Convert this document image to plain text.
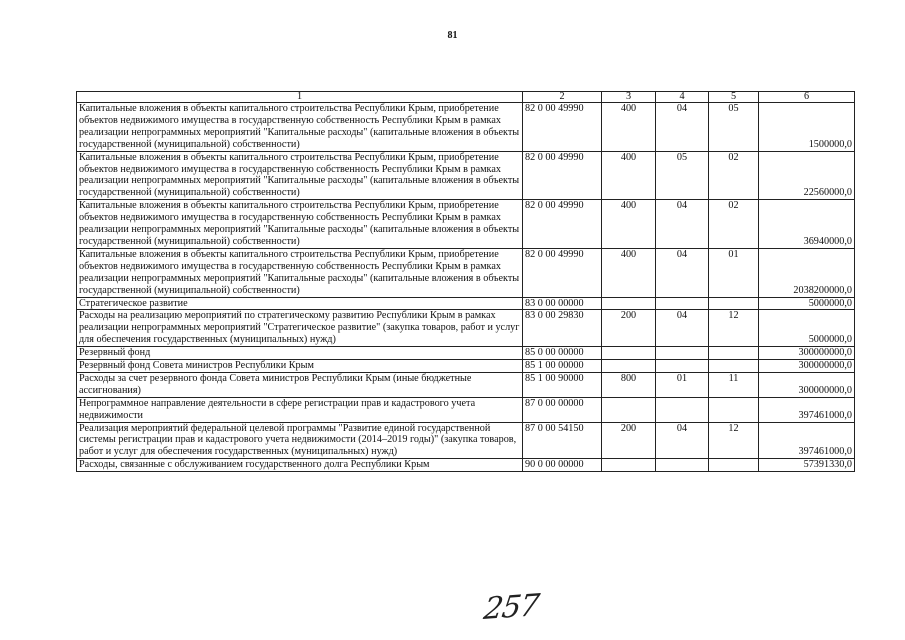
81
1	2	3	4	5	6
Капитальные вложения в объекты капитального строительства Республики Крым, приобретение объектов недвижимого имущества в государственную собственность Республики Крым в рамках реализации непрограммных мероприятий "Капитальные расходы" (капитальные вложения в объекты государственной (муниципальной) собственности)	82 0 00 49990	400	04	05	1500000,0
Капитальные вложения в объекты капитального строительства Республики Крым, приобретение объектов недвижимого имущества в государственную собственность Республики Крым в рамках реализации непрограммных мероприятий "Капитальные расходы" (капитальные вложения в объекты государственной (муниципальной) собственности)	82 0 00 49990	400	05	02	22560000,0
Капитальные вложения в объекты капитального строительства Республики Крым, приобретение объектов недвижимого имущества в государственную собственность Республики Крым в рамках реализации непрограммных мероприятий "Капитальные расходы" (капитальные вложения в объекты государственной (муниципальной) собственности)	82 0 00 49990	400	04	02	36940000,0
Капитальные вложения в объекты капитального строительства Республики Крым, приобретение объектов недвижимого имущества в государственную собственность Республики Крым в рамках реализации непрограммных мероприятий "Капитальные расходы" (капитальные вложения в объекты государственной (муниципальной) собственности)	82 0 00 49990	400	04	01	2038200000,0
Стратегическое развитие	83 0 00 00000				5000000,0
Расходы на реализацию мероприятий по стратегическому развитию Республики Крым в рамках реализации непрограммных мероприятий "Стратегическое развитие" (закупка товаров, работ и услуг для обеспечения государственных (муниципальных) нужд)	83 0 00 29830	200	04	12	5000000,0
Резервный фонд	85 0 00 00000				300000000,0
Резервный фонд Совета министров Республики Крым	85 1 00 00000				300000000,0
Расходы за счет резервного фонда Совета министров Республики Крым (иные бюджетные ассигнования)	85 1 00 90000	800	01	11	300000000,0
Непрограммное направление деятельности в сфере регистрации прав и кадастрового учета недвижимости	87 0 00 00000				397461000,0
Реализация мероприятий федеральной целевой программы "Развитие единой государственной системы регистрации прав и кадастрового учета недвижимости (2014–2019 годы)" (закупка товаров, работ и услуг для обеспечения государственных (муниципальных) нужд)	87 0 00 54150	200	04	12	397461000,0
Расходы, связанные с обслуживанием государственного долга Республики Крым	90 0 00 00000				57391330,0
257
